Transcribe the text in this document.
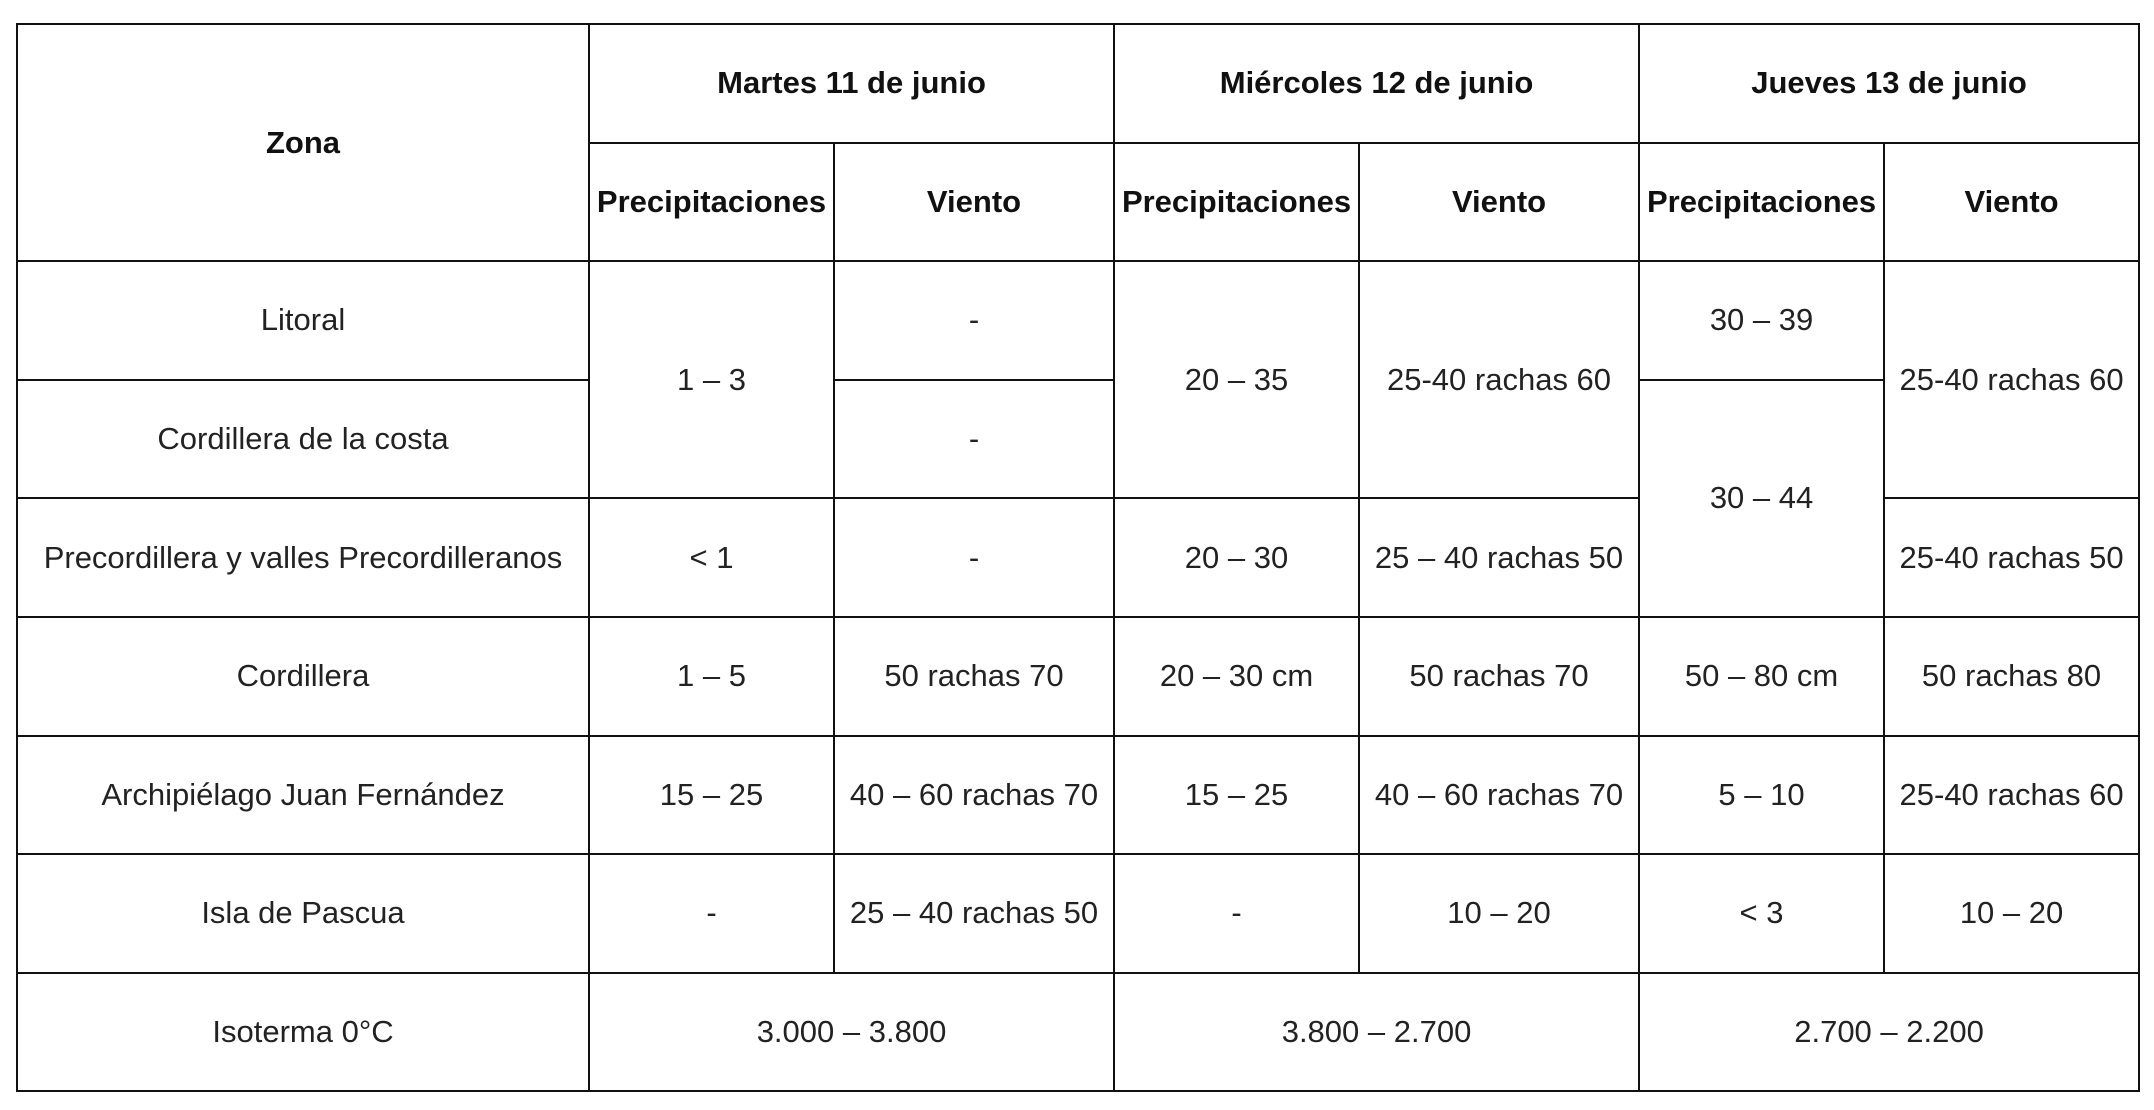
Zona	Martes 11 de junio		Miércoles 12 de junio		Jueves 13 de junio	
	Precipitaciones	Viento	Precipitaciones	Viento	Precipitaciones	Viento
Litoral	1 – 3	-	20 – 35	25-40 rachas 60	30 – 39	25-40 rachas 60
Cordillera de la costa		-			30 – 44	
Precordillera y valles Precordilleranos	< 1	-	20 – 30	25 – 40 rachas 50		25-40 rachas 50
Cordillera	1 – 5	50 rachas 70	20 – 30 cm	50 rachas 70	50 – 80 cm	50 rachas 80
Archipiélago Juan Fernández	15 – 25	40 – 60 rachas 70	15 – 25	40 – 60 rachas 70	5 – 10	25-40 rachas 60
Isla de Pascua	-	25 – 40 rachas 50	-	10 – 20	< 3	10 – 20
Isoterma 0°C	3.000 – 3.800		3.800 – 2.700		2.700 – 2.200	
